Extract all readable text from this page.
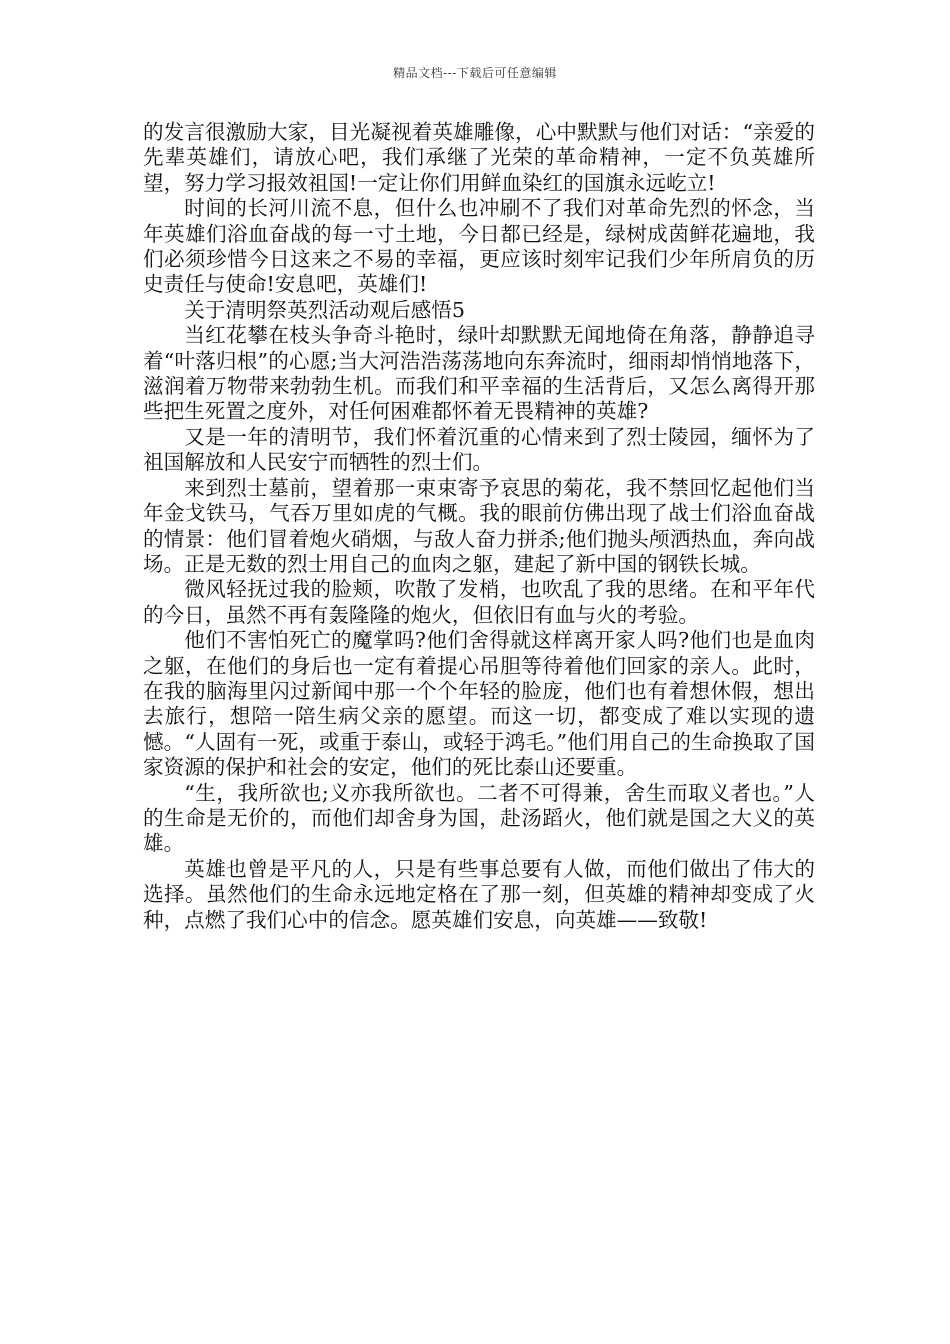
精品文档---下载后可任意编辑

的发言很激励大家，目光凝视着英雄雕像，心中默默与他们对话：“亲爱的先辈英雄们，请放心吧，我们承继了光荣的革命精神，一定不负英雄所望，努力学习报效祖国!一定让你们用鲜血染红的国旗永远屹立!

时间的长河川流不息，但什么也冲刷不了我们对革命先烈的怀念，当年英雄们浴血奋战的每一寸土地，今日都已经是，绿树成茵鲜花遍地，我们必须珍惜今日这来之不易的幸福，更应该时刻牢记我们少年所肩负的历史责任与使命!安息吧，英雄们!

关于清明祭英烈活动观后感悟5

当红花攀在枝头争奇斗艳时，绿叶却默默无闻地倚在角落，静静追寻着“叶落归根”的心愿;当大河浩浩荡荡地向东奔流时，细雨却悄悄地落下，滋润着万物带来勃勃生机。而我们和平幸福的生活背后，又怎么离得开那些把生死置之度外，对任何困难都怀着无畏精神的英雄?

又是一年的清明节，我们怀着沉重的心情来到了烈士陵园，缅怀为了祖国解放和人民安宁而牺牲的烈士们。

来到烈士墓前，望着那一束束寄予哀思的菊花，我不禁回忆起他们当年金戈铁马，气吞万里如虎的气概。我的眼前仿佛出现了战士们浴血奋战的情景：他们冒着炮火硝烟，与敌人奋力拼杀;他们抛头颅洒热血，奔向战场。正是无数的烈士用自己的血肉之躯，建起了新中国的钢铁长城。

微风轻抚过我的脸颊，吹散了发梢，也吹乱了我的思绪。在和平年代的今日，虽然不再有轰隆隆的炮火，但依旧有血与火的考验。

他们不害怕死亡的魔掌吗?他们舍得就这样离开家人吗?他们也是血肉之躯，在他们的身后也一定有着提心吊胆等待着他们回家的亲人。此时，在我的脑海里闪过新闻中那一个个年轻的脸庞，他们也有着想休假，想出去旅行，想陪一陪生病父亲的愿望。而这一切，都变成了难以实现的遗憾。“人固有一死，或重于泰山，或轻于鸿毛。”他们用自己的生命换取了国家资源的保护和社会的安定，他们的死比泰山还要重。

“生，我所欲也;义亦我所欲也。二者不可得兼，舍生而取义者也。”人的生命是无价的，而他们却舍身为国，赴汤蹈火，他们就是国之大义的英雄。

英雄也曾是平凡的人，只是有些事总要有人做，而他们做出了伟大的选择。虽然他们的生命永远地定格在了那一刻，但英雄的精神却变成了火种，点燃了我们心中的信念。愿英雄们安息，向英雄——致敬!
